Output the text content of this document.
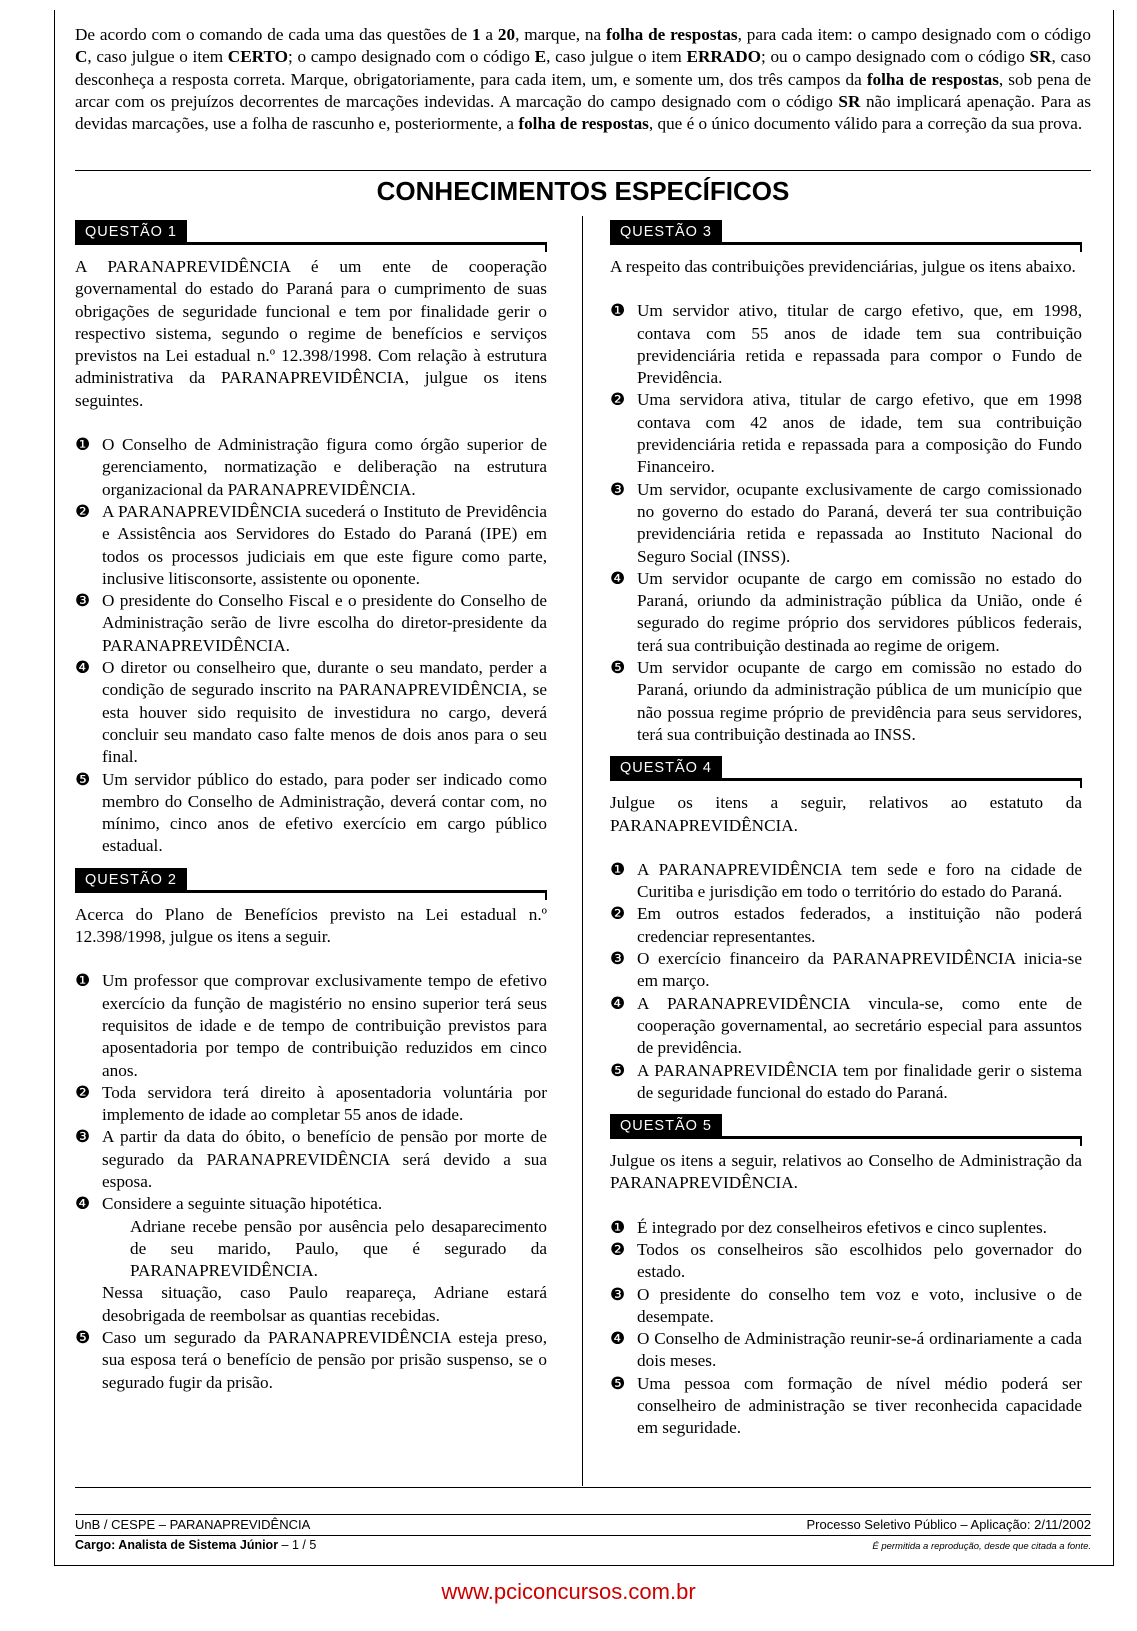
De acordo com o comando de cada uma das questões de 1 a 20, marque, na folha de respostas, para cada item: o campo designado com o código C, caso julgue o item CERTO; o campo designado com o código E, caso julgue o item ERRADO; ou o campo designado com o código SR, caso desconheça a resposta correta. Marque, obrigatoriamente, para cada item, um, e somente um, dos três campos da folha de respostas, sob pena de arcar com os prejuízos decorrentes de marcações indevidas. A marcação do campo designado com o código SR não implicará apenação. Para as devidas marcações, use a folha de rascunho e, posteriormente, a folha de respostas, que é o único documento válido para a correção da sua prova.
CONHECIMENTOS ESPECÍFICOS
QUESTÃO 1

A PARANAPREVIDÊNCIA é um ente de cooperação governamental do estado do Paraná para o cumprimento de suas obrigações de seguridade funcional e tem por finalidade gerir o respectivo sistema, segundo o regime de benefícios e serviços previstos na Lei estadual n.º 12.398/1998. Com relação à estrutura administrativa da PARANAPREVIDÊNCIA, julgue os itens seguintes.

❶ O Conselho de Administração figura como órgão superior de gerenciamento, normatização e deliberação na estrutura organizacional da PARANAPREVIDÊNCIA.
❷ A PARANAPREVIDÊNCIA sucederá o Instituto de Previdência e Assistência aos Servidores do Estado do Paraná (IPE) em todos os processos judiciais em que este figure como parte, inclusive litisconsorte, assistente ou oponente.
❸ O presidente do Conselho Fiscal e o presidente do Conselho de Administração serão de livre escolha do diretor-presidente da PARANAPREVIDÊNCIA.
❹ O diretor ou conselheiro que, durante o seu mandato, perder a condição de segurado inscrito na PARANAPREVIDÊNCIA, se esta houver sido requisito de investidura no cargo, deverá concluir seu mandato caso falte menos de dois anos para o seu final.
❺ Um servidor público do estado, para poder ser indicado como membro do Conselho de Administração, deverá contar com, no mínimo, cinco anos de efetivo exercício em cargo público estadual.
QUESTÃO 2

Acerca do Plano de Benefícios previsto na Lei estadual n.º 12.398/1998, julgue os itens a seguir.

❶ Um professor que comprovar exclusivamente tempo de efetivo exercício da função de magistério no ensino superior terá seus requisitos de idade e de tempo de contribuição previstos para aposentadoria por tempo de contribuição reduzidos em cinco anos.
❷ Toda servidora terá direito à aposentadoria voluntária por implemento de idade ao completar 55 anos de idade.
❸ A partir da data do óbito, o benefício de pensão por morte de segurado da PARANAPREVIDÊNCIA será devido a sua esposa.
❹ Considere a seguinte situação hipotética.
Adriane recebe pensão por ausência pelo desaparecimento de seu marido, Paulo, que é segurado da PARANAPREVIDÊNCIA.
Nessa situação, caso Paulo reapareça, Adriane estará desobrigada de reembolsar as quantias recebidas.
❺ Caso um segurado da PARANAPREVIDÊNCIA esteja preso, sua esposa terá o benefício de pensão por prisão suspenso, se o segurado fugir da prisão.
QUESTÃO 3

A respeito das contribuições previdenciárias, julgue os itens abaixo.

❶ Um servidor ativo, titular de cargo efetivo, que, em 1998, contava com 55 anos de idade tem sua contribuição previdenciária retida e repassada para compor o Fundo de Previdência.
❷ Uma servidora ativa, titular de cargo efetivo, que em 1998 contava com 42 anos de idade, tem sua contribuição previdenciária retida e repassada para a composição do Fundo Financeiro.
❸ Um servidor, ocupante exclusivamente de cargo comissionado no governo do estado do Paraná, deverá ter sua contribuição previdenciária retida e repassada ao Instituto Nacional do Seguro Social (INSS).
❹ Um servidor ocupante de cargo em comissão no estado do Paraná, oriundo da administração pública da União, onde é segurado do regime próprio dos servidores públicos federais, terá sua contribuição destinada ao regime de origem.
❺ Um servidor ocupante de cargo em comissão no estado do Paraná, oriundo da administração pública de um município que não possua regime próprio de previdência para seus servidores, terá sua contribuição destinada ao INSS.
QUESTÃO 4

Julgue os itens a seguir, relativos ao estatuto da PARANAPREVIDÊNCIA.

❶ A PARANAPREVIDÊNCIA tem sede e foro na cidade de Curitiba e jurisdição em todo o território do estado do Paraná.
❷ Em outros estados federados, a instituição não poderá credenciar representantes.
❸ O exercício financeiro da PARANAPREVIDÊNCIA inicia-se em março.
❹ A PARANAPREVIDÊNCIA vincula-se, como ente de cooperação governamental, ao secretário especial para assuntos de previdência.
❺ A PARANAPREVIDÊNCIA tem por finalidade gerir o sistema de seguridade funcional do estado do Paraná.
QUESTÃO 5

Julgue os itens a seguir, relativos ao Conselho de Administração da PARANAPREVIDÊNCIA.

❶ É integrado por dez conselheiros efetivos e cinco suplentes.
❷ Todos os conselheiros são escolhidos pelo governador do estado.
❸ O presidente do conselho tem voz e voto, inclusive o de desempate.
❹ O Conselho de Administração reunir-se-á ordinariamente a cada dois meses.
❺ Uma pessoa com formação de nível médio poderá ser conselheiro de administração se tiver reconhecida capacidade em seguridade.
UnB / CESPE – PARANAPREVIDÊNCIA	Processo Seletivo Público – Aplicação: 2/11/2002
Cargo: Analista de Sistema Júnior – 1 / 5	É permitida a reprodução, desde que citada a fonte.
www.pciconcursos.com.br
